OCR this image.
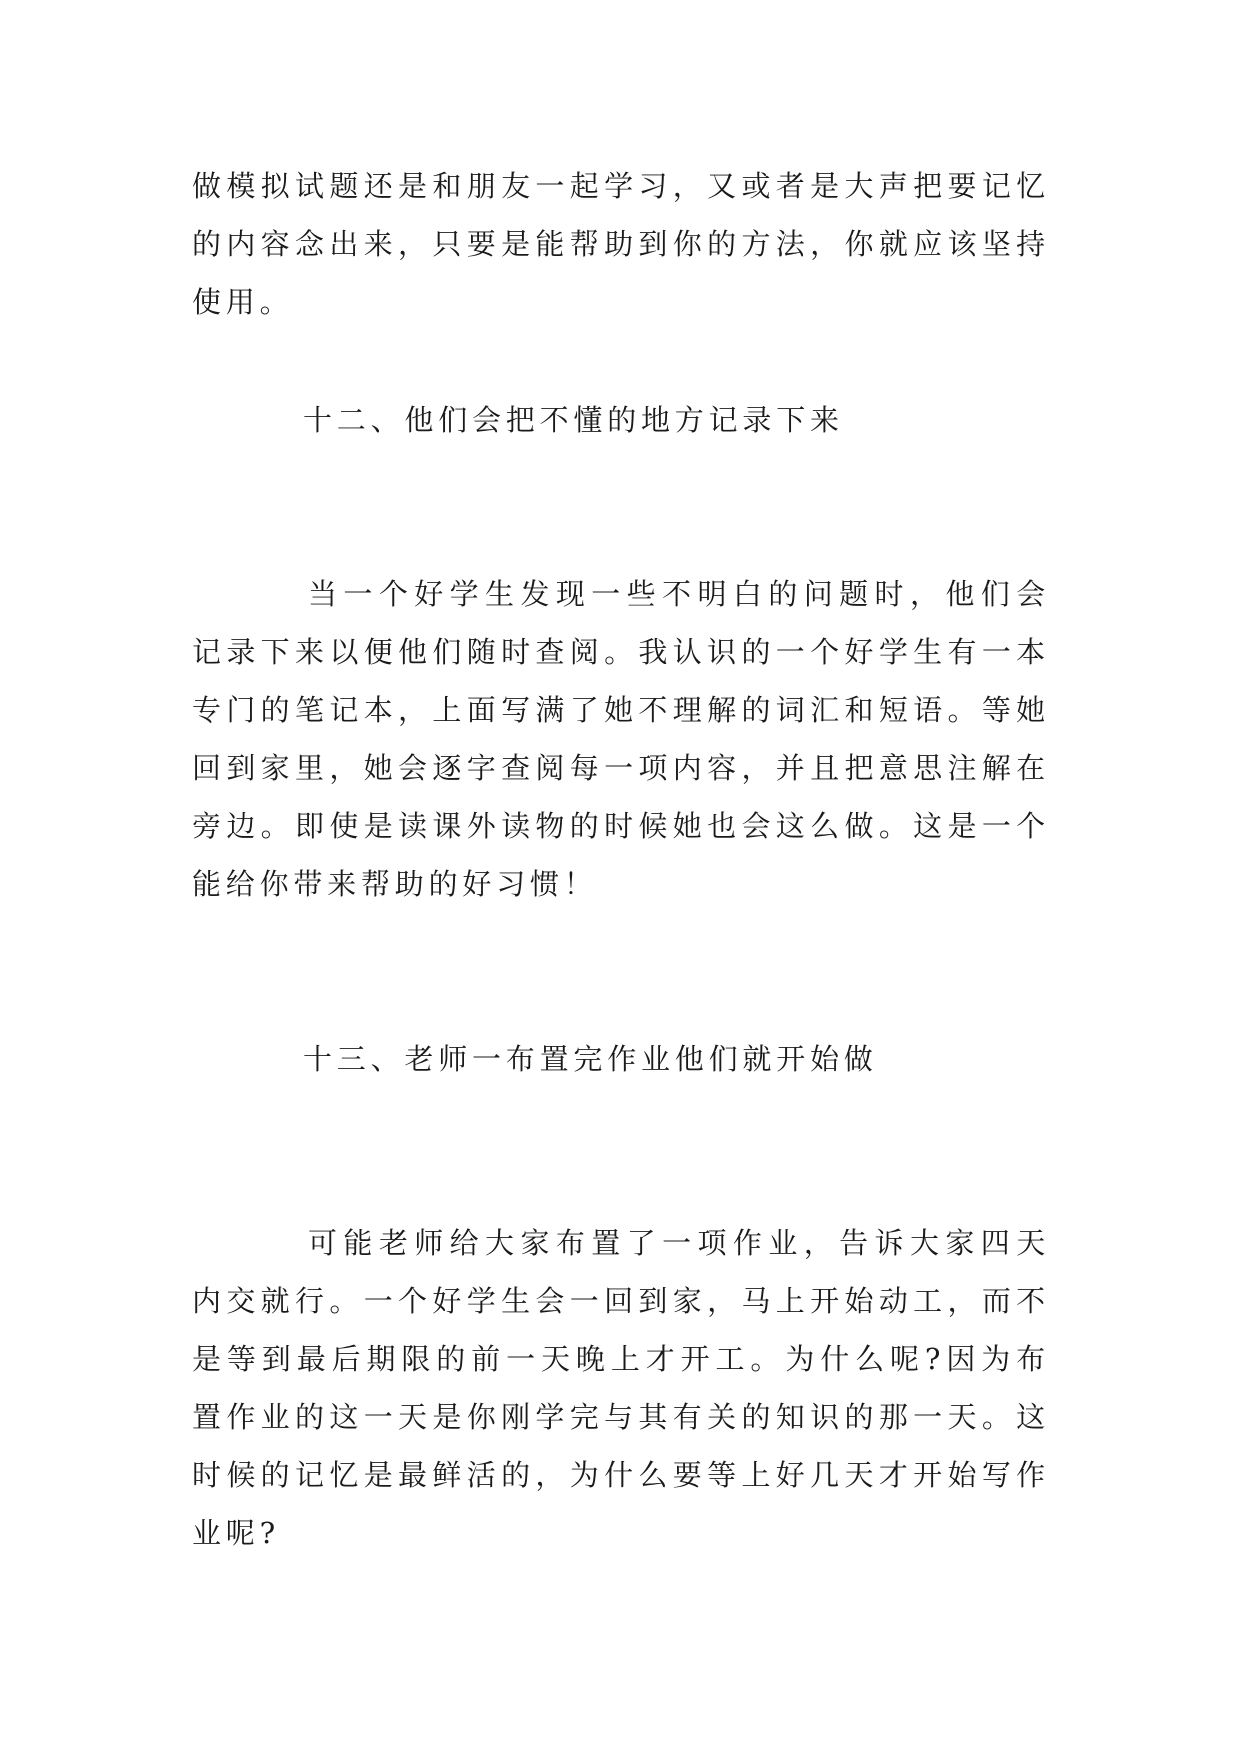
做模拟试题还是和朋友一起学习，又或者是大声把要记忆的内容念出来，只要是能帮助到你的方法，你就应该坚持使用。

十二、他们会把不懂的地方记录下来

当一个好学生发现一些不明白的问题时，他们会记录下来以便他们随时查阅。我认识的一个好学生有一本专门的笔记本，上面写满了她不理解的词汇和短语。等她回到家里，她会逐字查阅每一项内容，并且把意思注解在旁边。即使是读课外读物的时候她也会这么做。这是一个能给你带来帮助的好习惯！

十三、老师一布置完作业他们就开始做

可能老师给大家布置了一项作业，告诉大家四天内交就行。一个好学生会一回到家，马上开始动工，而不是等到最后期限的前一天晚上才开工。为什么呢?因为布置作业的这一天是你刚学完与其有关的知识的那一天。这时候的记忆是最鲜活的，为什么要等上好几天才开始写作业呢?
